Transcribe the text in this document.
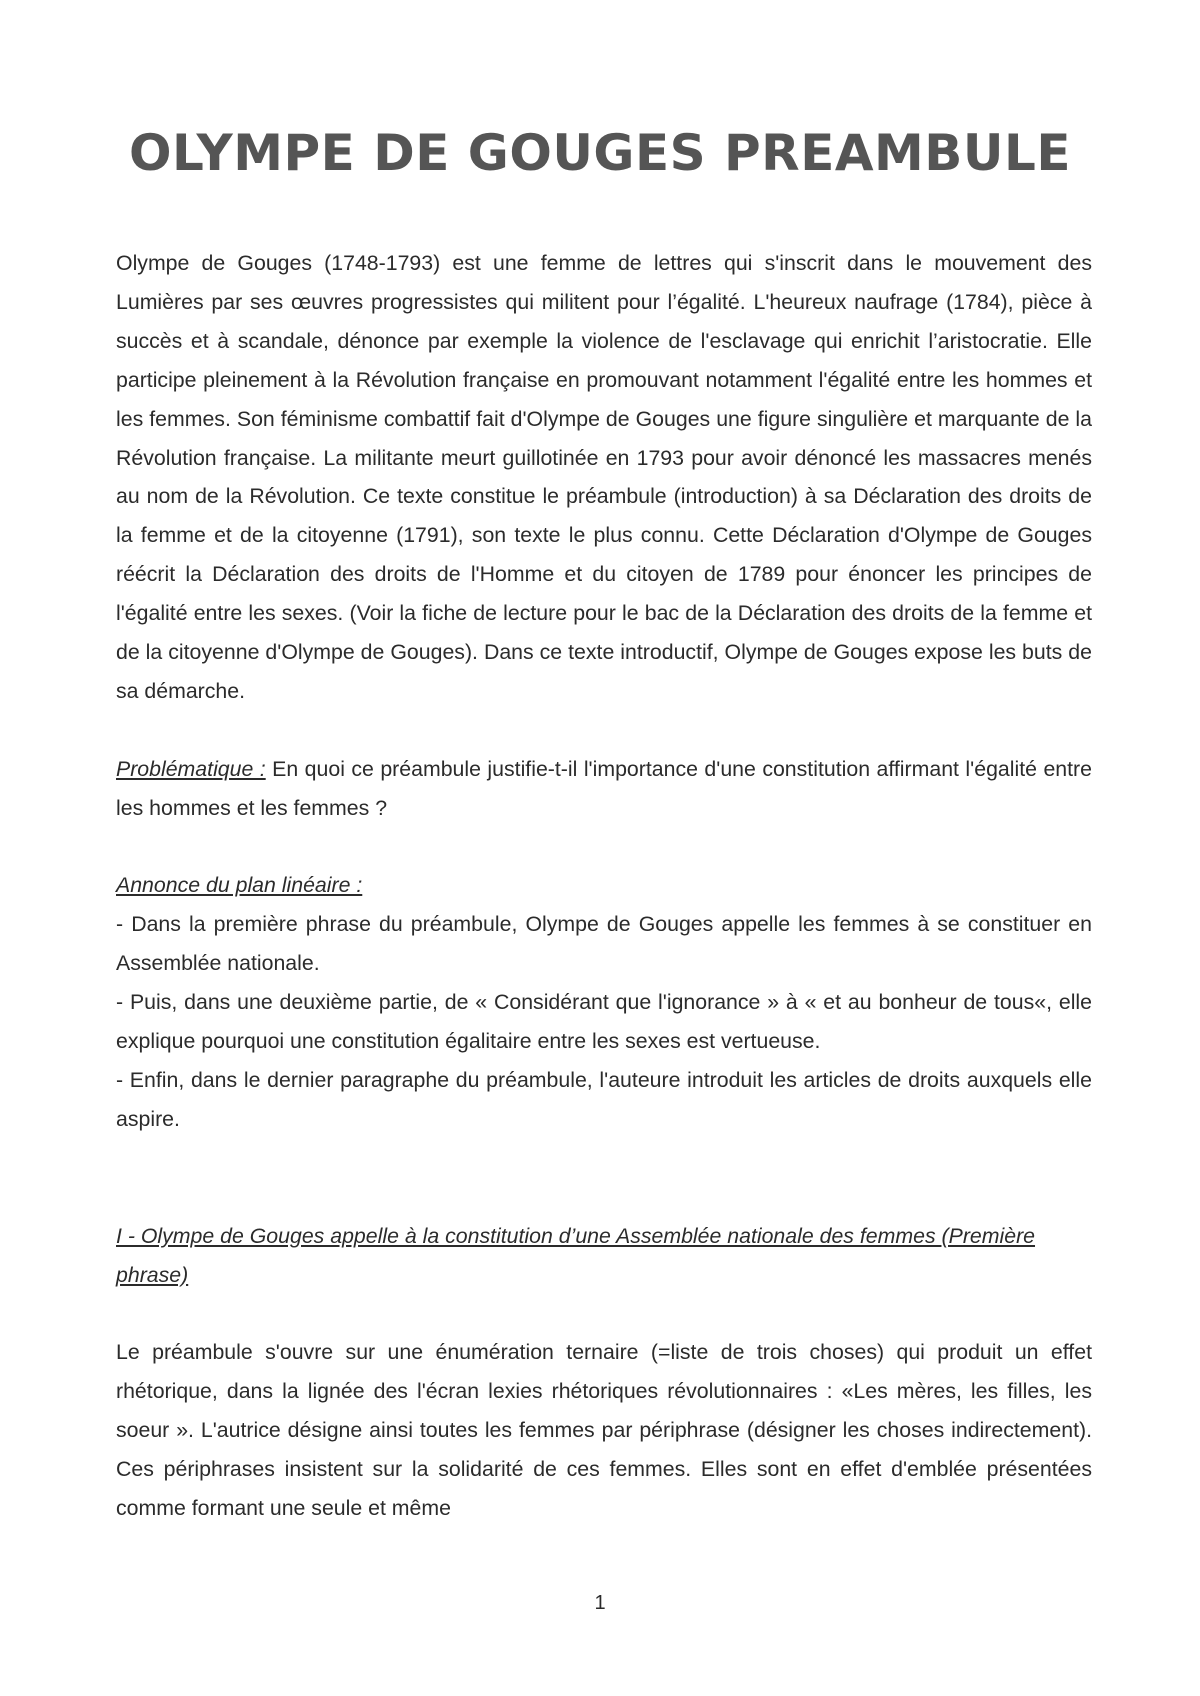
OLYMPE DE GOUGES PREAMBULE

Olympe de Gouges (1748-1793) est une femme de lettres qui s'inscrit dans le mouvement des Lumières par ses œuvres progressistes qui militent pour l’égalité. L'heureux naufrage (1784), pièce à succès et à scandale, dénonce par exemple la violence de l'esclavage qui enrichit l’aristocratie. Elle participe pleinement à la Révolution française en promouvant notamment l'égalité entre les hommes et les femmes. Son féminisme combattif fait d'Olympe de Gouges une figure singulière et marquante de la Révolution française. La militante meurt guillotinée en 1793 pour avoir dénoncé les massacres menés au nom de la Révolution. Ce texte constitue le préambule (introduction) à sa Déclaration des droits de la femme et de la citoyenne (1791), son texte le plus connu. Cette Déclaration d'Olympe de Gouges réécrit la Déclaration des droits de l'Homme et du citoyen de 1789 pour énoncer les principes de l'égalité entre les sexes. (Voir la fiche de lecture pour le bac de la Déclaration des droits de la femme et de la citoyenne d'Olympe de Gouges). Dans ce texte introductif, Olympe de Gouges expose les buts de sa démarche.

Problématique : En quoi ce préambule justifie-t-il l'importance d'une constitution affirmant l'égalité entre les hommes et les femmes ?

Annonce du plan linéaire :

- Dans la première phrase du préambule, Olympe de Gouges appelle les femmes à se constituer en Assemblée nationale.

- Puis, dans une deuxième partie, de « Considérant que l'ignorance » à « et au bonheur de tous«, elle explique pourquoi une constitution égalitaire entre les sexes est vertueuse.

- Enfin, dans le dernier paragraphe du préambule, l'auteure introduit les articles de droits auxquels elle aspire.

I - Olympe de Gouges appelle à la constitution d’une Assemblée nationale des femmes (Première phrase)

Le préambule s'ouvre sur une énumération ternaire (=liste de trois choses) qui produit un effet rhétorique, dans la lignée des l'écran lexies rhétoriques révolutionnaires : «Les mères, les filles, les soeur ». L'autrice désigne ainsi toutes les femmes par périphrase (désigner les choses indirectement). Ces périphrases insistent sur la solidarité de ces femmes. Elles sont en effet d'emblée présentées comme formant une seule et même

1
